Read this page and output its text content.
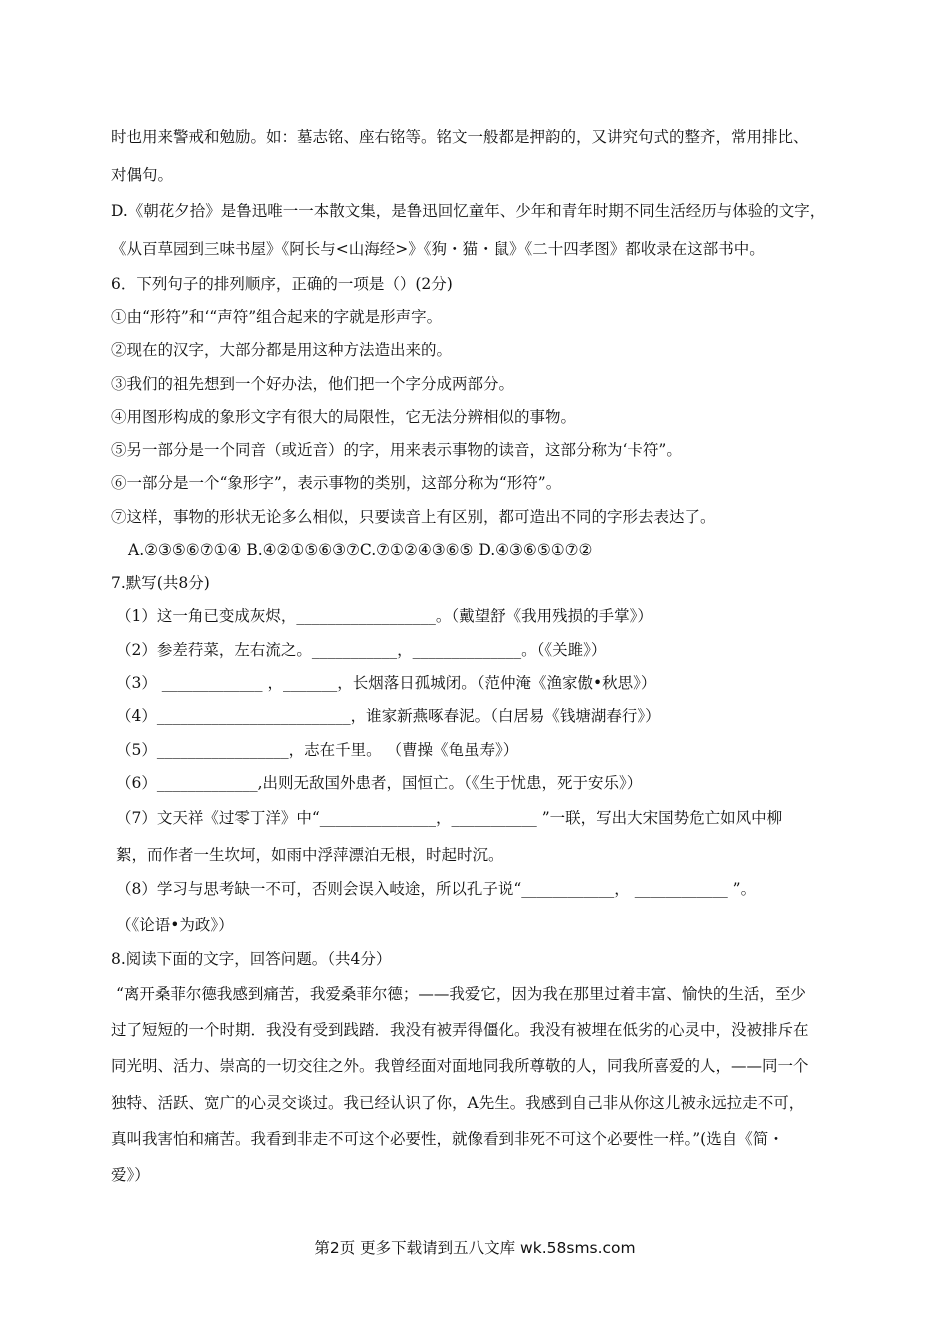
时也用来警戒和勉励。如：墓志铭、座右铭等。铭文一般都是押韵的，又讲究句式的整齐，常用排比、
对偶句。
D.《朝花夕拾》是鲁迅唯一一本散文集，是鲁迅回忆童年、少年和青年时期不同生活经历与体验的文字，
《从百草园到三味书屋》《阿长与<山海经>》《狗・猫・鼠》《二十四孝图》都收录在这部书中。
6．下列句子的排列顺序，正确的一项是（）(2分)
①由“形符”和‘“声符”组合起来的字就是形声字。
②现在的汉字，大部分都是用这种方法造出来的。
③我们的祖先想到一个好办法，他们把一个字分成两部分。
④用图形构成的象形文字有很大的局限性，它无法分辨相似的事物。
⑤另一部分是一个同音（或近音）的字，用来表示事物的读音，这部分称为‘卡符”。
⑥一部分是一个“象形字”，表示事物的类别，这部分称为“形符”。
⑦这样，事物的形状无论多么相似，只要读音上有区别，都可造出不同的字形去表达了。
A.②③⑤⑥⑦①④ B.④②①⑤⑥③⑦C.⑦①②④③⑥⑤ D.④③⑥⑤①⑦②
7.默写(共8分)
（1）这一角已变成灰烬，__________________。（戴望舒《我用残损的手掌》）
（2）参差荇菜，左右流之。___________，______________。（《关雎》）
（3） _____________ ，_______，长烟落日孤城闭。（范仲淹《渔家傲•秋思》）
（4）_________________________，谁家新燕啄春泥。（白居易《钱塘湖春行》）
（5）_________________，志在千里。 （曹操《龟虽寿》）
（6）_____________,出则无敌国外患者，国恒亡。（《生于忧患，死于安乐》）
（7）文天祥《过零丁洋》中“_______________，___________ ”一联，写出大宋国势危亡如风中柳
絮，而作者一生坎坷，如雨中浮萍漂泊无根，时起时沉。
（8）学习与思考缺一不可，否则会误入岐途，所以孔子说“____________， ____________ ”。
（《论语•为政》）
8.阅读下面的文字，回答问题。（共4分）
“离开桑菲尔德我感到痛苦，我爱桑菲尔德；——我爱它，因为我在那里过着丰富、愉快的生活，至少
过了短短的一个时期．我没有受到践踏．我没有被弄得僵化。我没有被埋在低劣的心灵中，没被排斥在
同光明、活力、崇高的一切交往之外。我曾经面对面地同我所尊敬的人，同我所喜爱的人，——同一个
独特、活跃、宽广的心灵交谈过。我已经认识了你，A先生。我感到自己非从你这儿被永远拉走不可，
真叫我害怕和痛苦。我看到非走不可这个必要性，就像看到非死不可这个必要性一样。”(选自《简・
爱》）
第2页 更多下载请到五八文库 wk.58sms.com
